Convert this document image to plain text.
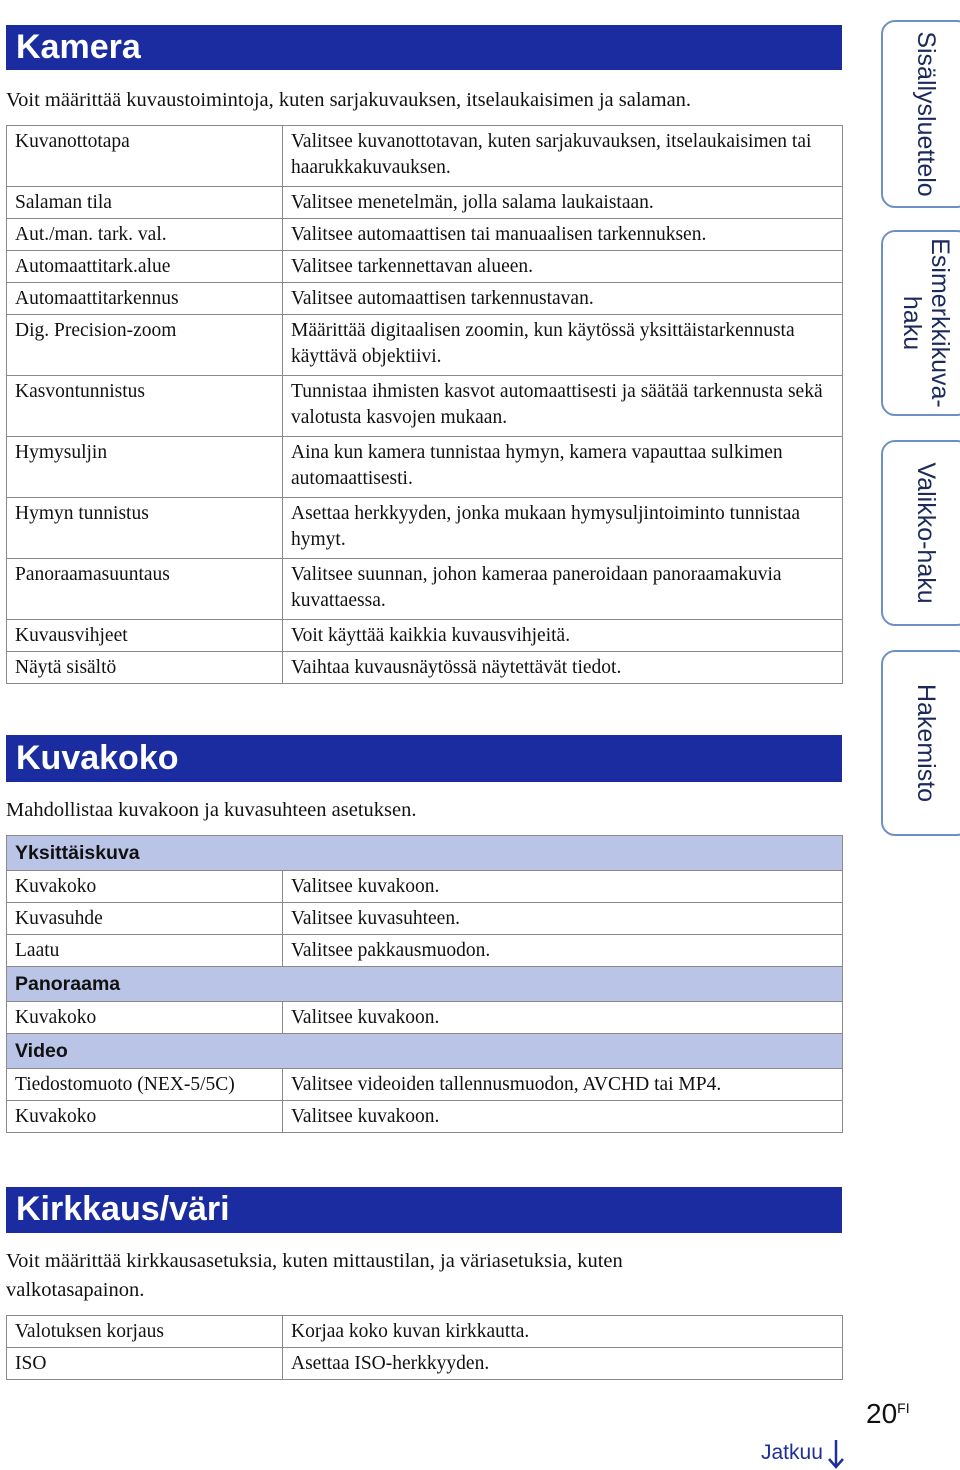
Kamera
Voit määrittää kuvaustoimintoja, kuten sarjakuvauksen, itselaukaisimen ja salaman.
Kuvanottotapa	Valitsee kuvanottotavan, kuten sarjakuvauksen, itselaukaisimen tai haarukkakuvauksen.
Salaman tila	Valitsee menetelmän, jolla salama laukaistaan.
Aut./man. tark. val.	Valitsee automaattisen tai manuaalisen tarkennuksen.
Automaattitark.alue	Valitsee tarkennettavan alueen.
Automaattitarkennus	Valitsee automaattisen tarkennustavan.
Dig. Precision-zoom	Määrittää digitaalisen zoomin, kun käytössä yksittäistarkennusta käyttävä objektiivi.
Kasvontunnistus	Tunnistaa ihmisten kasvot automaattisesti ja säätää tarkennusta sekä valotusta kasvojen mukaan.
Hymysuljin	Aina kun kamera tunnistaa hymyn, kamera vapauttaa sulkimen automaattisesti.
Hymyn tunnistus	Asettaa herkkyyden, jonka mukaan hymysuljintoiminto tunnistaa hymyt.
Panoraamasuuntaus	Valitsee suunnan, johon kameraa paneroidaan panoraamakuvia kuvattaessa.
Kuvausvihjeet	Voit käyttää kaikkia kuvausvihjeitä.
Näytä sisältö	Vaihtaa kuvausnäytössä näytettävät tiedot.
Kuvakoko
Mahdollistaa kuvakoon ja kuvasuhteen asetuksen.
Yksittäiskuva	
Kuvakoko	Valitsee kuvakoon.
Kuvasuhde	Valitsee kuvasuhteen.
Laatu	Valitsee pakkausmuodon.
Panoraama	
Kuvakoko	Valitsee kuvakoon.
Video	
Tiedostomuoto (NEX-5/5C)	Valitsee videoiden tallennusmuodon, AVCHD tai MP4.
Kuvakoko	Valitsee kuvakoon.
Kirkkaus/väri
Voit määrittää kirkkausasetuksia, kuten mittaustilan, ja väriasetuksia, kuten valkotasapainon.
Valotuksen korjaus	Korjaa koko kuvan kirkkautta.
ISO	Asettaa ISO-herkkyyden.
Sisällysluettelo
Esimerkkikuva-
haku
Valikko-haku
Hakemisto
$20^{FI}$
Jatkuu
